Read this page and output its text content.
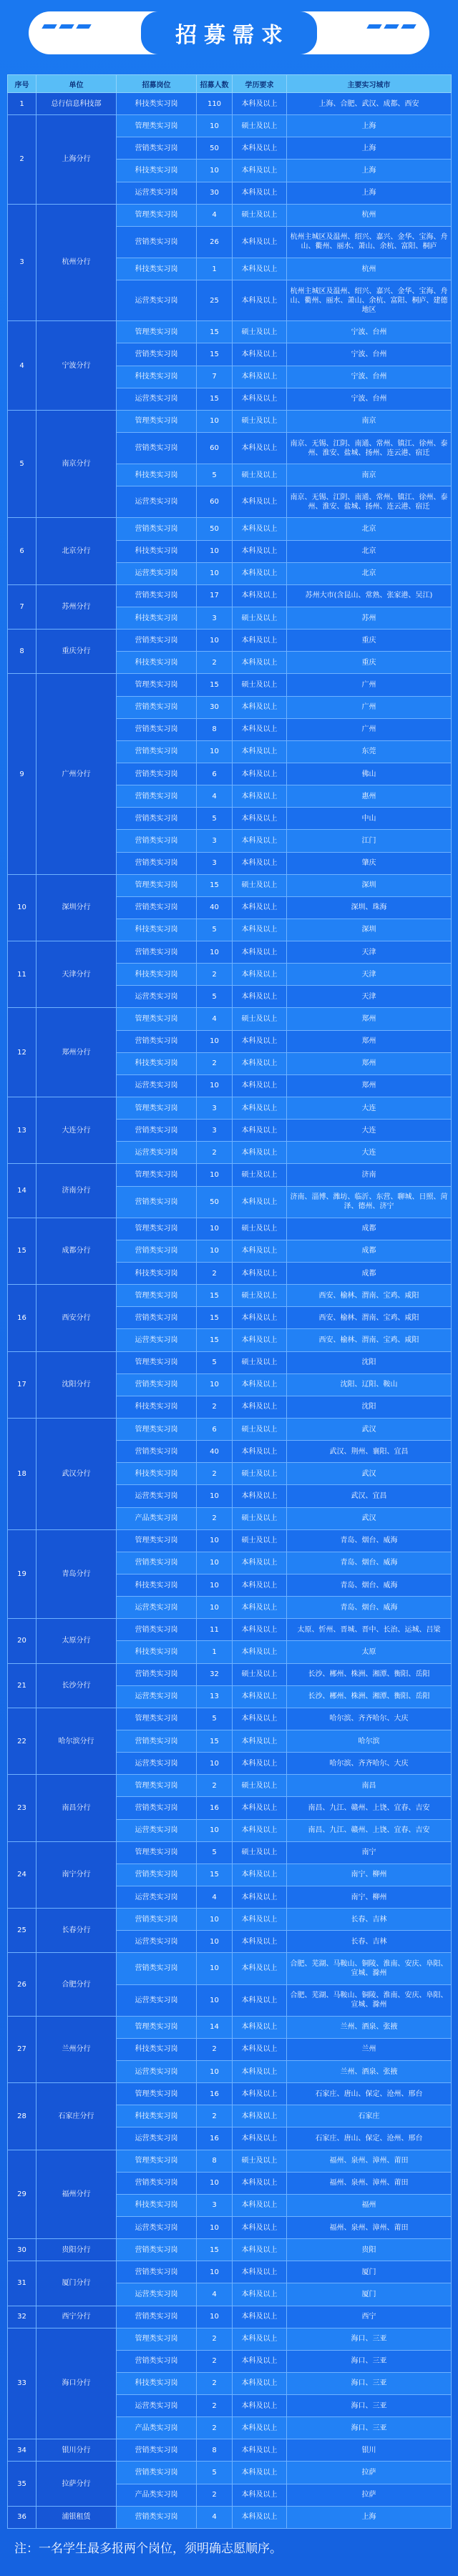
招募需求
序号	单位	招募岗位	招募人数	学历要求	主要实习城市
1	总行信息科技部	科技类实习岗	110	本科及以上	上海、合肥、武汉、成都、西安
2	上海分行	管理类实习岗	10	硕士及以上	上海
		营销类实习岗	50	本科及以上	上海
		科技类实习岗	10	本科及以上	上海
		运营类实习岗	30	本科及以上	上海
3	杭州分行	管理类实习岗	4	硕士及以上	杭州
		营销类实习岗	26	本科及以上	杭州主城区及温州、绍兴、嘉兴、金华、宝海、舟山、衢州、丽水、萧山、余杭、富阳、桐庐
		科技类实习岗	1	本科及以上	杭州
		运营类实习岗	25	本科及以上	杭州主城区及温州、绍兴、嘉兴、金华、宝海、舟山、衢州、丽水、萧山、余杭、富阳、桐庐、建德地区
4	宁波分行	管理类实习岗	15	硕士及以上	宁波、台州
		营销类实习岗	15	本科及以上	宁波、台州
		科技类实习岗	7	本科及以上	宁波、台州
		运营类实习岗	15	本科及以上	宁波、台州
5	南京分行	管理类实习岗	10	硕士及以上	南京
		营销类实习岗	60	本科及以上	南京、无锡、江阴、南通、常州、镇江、徐州、泰州、淮安、盐城、扬州、连云港、宿迁
		科技类实习岗	5	硕士及以上	南京
		运营类实习岗	60	本科及以上	南京、无锡、江阴、南通、常州、镇江、徐州、泰州、淮安、盐城、扬州、连云港、宿迁
6	北京分行	营销类实习岗	50	本科及以上	北京
		科技类实习岗	10	本科及以上	北京
		运营类实习岗	10	本科及以上	北京
7	苏州分行	营销类实习岗	17	本科及以上	苏州大市(含昆山、常熟、张家港、吴江)
		科技类实习岗	3	硕士及以上	苏州
8	重庆分行	营销类实习岗	10	本科及以上	重庆
		科技类实习岗	2	本科及以上	重庆
9	广州分行	管理类实习岗	15	硕士及以上	广州
		营销类实习岗	30	本科及以上	广州
		营销类实习岗	8	本科及以上	广州
		营销类实习岗	10	本科及以上	东莞
		营销类实习岗	6	本科及以上	佛山
		营销类实习岗	4	本科及以上	惠州
		营销类实习岗	5	本科及以上	中山
		营销类实习岗	3	本科及以上	江门
		营销类实习岗	3	本科及以上	肇庆
10	深圳分行	管理类实习岗	15	硕士及以上	深圳
		营销类实习岗	40	本科及以上	深圳、珠海
		科技类实习岗	5	本科及以上	深圳
11	天津分行	营销类实习岗	10	本科及以上	天津
		科技类实习岗	2	本科及以上	天津
		运营类实习岗	5	本科及以上	天津
12	郑州分行	管理类实习岗	4	硕士及以上	郑州
		营销类实习岗	10	本科及以上	郑州
		科技类实习岗	2	本科及以上	郑州
		运营类实习岗	10	本科及以上	郑州
13	大连分行	管理类实习岗	3	本科及以上	大连
		营销类实习岗	3	本科及以上	大连
		运营类实习岗	2	本科及以上	大连
14	济南分行	管理类实习岗	10	硕士及以上	济南
		营销类实习岗	50	本科及以上	济南、淄博、潍坊、临沂、东营、聊城、日照、菏泽、德州、济宁
15	成都分行	管理类实习岗	10	硕士及以上	成都
		营销类实习岗	10	本科及以上	成都
		科技类实习岗	2	本科及以上	成都
16	西安分行	管理类实习岗	15	硕士及以上	西安、榆林、渭南、宝鸡、咸阳
		营销类实习岗	15	本科及以上	西安、榆林、渭南、宝鸡、咸阳
		运营类实习岗	15	本科及以上	西安、榆林、渭南、宝鸡、咸阳
17	沈阳分行	管理类实习岗	5	硕士及以上	沈阳
		营销类实习岗	10	本科及以上	沈阳、辽阳、鞍山
		科技类实习岗	2	本科及以上	沈阳
18	武汉分行	管理类实习岗	6	硕士及以上	武汉
		营销类实习岗	40	本科及以上	武汉、荆州、襄阳、宜昌
		科技类实习岗	2	硕士及以上	武汉
		运营类实习岗	10	本科及以上	武汉、宜昌
		产品类实习岗	2	硕士及以上	武汉
19	青岛分行	管理类实习岗	10	硕士及以上	青岛、烟台、威海
		营销类实习岗	10	本科及以上	青岛、烟台、威海
		科技类实习岗	10	本科及以上	青岛、烟台、威海
		运营类实习岗	10	本科及以上	青岛、烟台、威海
20	太原分行	营销类实习岗	11	本科及以上	太原、忻州、晋城、晋中、长治、运城、吕梁
		科技类实习岗	1	本科及以上	太原
21	长沙分行	营销类实习岗	32	硕士及以上	长沙、郴州、株洲、湘潭、衡阳、岳阳
		运营类实习岗	13	本科及以上	长沙、郴州、株洲、湘潭、衡阳、岳阳
22	哈尔滨分行	管理类实习岗	5	本科及以上	哈尔滨、齐齐哈尔、大庆
		营销类实习岗	15	本科及以上	哈尔滨
		运营类实习岗	10	本科及以上	哈尔滨、齐齐哈尔、大庆
23	南昌分行	管理类实习岗	2	硕士及以上	南昌
		营销类实习岗	16	本科及以上	南昌、九江、赣州、上饶、宜春、吉安
		运营类实习岗	10	本科及以上	南昌、九江、赣州、上饶、宜春、吉安
24	南宁分行	管理类实习岗	5	硕士及以上	南宁
		营销类实习岗	15	本科及以上	南宁、柳州
		运营类实习岗	4	本科及以上	南宁、柳州
25	长春分行	营销类实习岗	10	本科及以上	长春、吉林
		运营类实习岗	10	本科及以上	长春、吉林
26	合肥分行	营销类实习岗	10	本科及以上	合肥、芜湖、马鞍山、铜陵、淮南、安庆、阜阳、宣城、滁州
		运营类实习岗	10	本科及以上	合肥、芜湖、马鞍山、铜陵、淮南、安庆、阜阳、宣城、滁州
27	兰州分行	管理类实习岗	14	本科及以上	兰州、酒泉、张掖
		科技类实习岗	2	本科及以上	兰州
		运营类实习岗	10	本科及以上	兰州、酒泉、张掖
28	石家庄分行	管理类实习岗	16	本科及以上	石家庄、唐山、保定、沧州、邢台
		科技类实习岗	2	本科及以上	石家庄
		运营类实习岗	16	本科及以上	石家庄、唐山、保定、沧州、邢台
29	福州分行	管理类实习岗	8	硕士及以上	福州、泉州、漳州、莆田
		营销类实习岗	10	本科及以上	福州、泉州、漳州、莆田
		科技类实习岗	3	本科及以上	福州
		运营类实习岗	10	本科及以上	福州、泉州、漳州、莆田
30	贵阳分行	营销类实习岗	15	本科及以上	贵阳
31	厦门分行	营销类实习岗	10	本科及以上	厦门
		运营类实习岗	4	本科及以上	厦门
32	西宁分行	营销类实习岗	10	本科及以上	西宁
33	海口分行	管理类实习岗	2	本科及以上	海口、三亚
		营销类实习岗	2	本科及以上	海口、三亚
		科技类实习岗	2	本科及以上	海口、三亚
		运营类实习岗	2	本科及以上	海口、三亚
		产品类实习岗	2	本科及以上	海口、三亚
34	银川分行	营销类实习岗	8	本科及以上	银川
35	拉萨分行	营销类实习岗	5	本科及以上	拉萨
		产品类实习岗	2	本科及以上	拉萨
36	浦银租赁	营销类实习岗	4	本科及以上	上海
注：一名学生最多报两个岗位，须明确志愿顺序。
